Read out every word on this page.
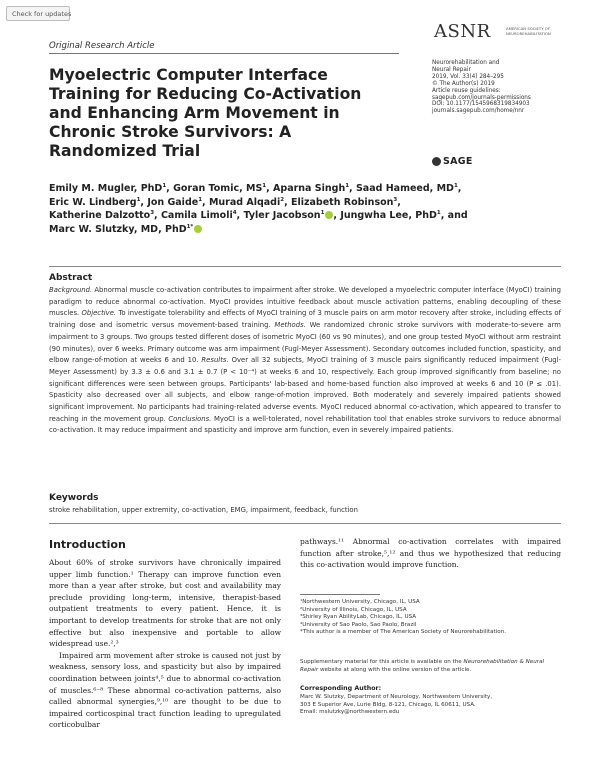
Check for updates
Original Research Article
ASNR	AMERICAN SOCIETY OF NEUROREHABILITATION
Neurorehabilitation and
Neural Repair
2019, Vol. 33(4) 284–295
© The Author(s) 2019
Article reuse guidelines:
sagepub.com/journals-permissions
DOI: 10.1177/1545968319834903
journals.sagepub.com/home/nnr
SAGE
Myoelectric Computer Interface Training for Reducing Co-Activation and Enhancing Arm Movement in Chronic Stroke Survivors: A Randomized Trial
Emily M. Mugler, PhD$^1$, Goran Tomic, $MS^1$, Aparna Singh$^1$, Saad Hameed, $MD^1$,
Eric W. Lindberg$^1$, Jon Gaide$^1$, Murad Alqadi$^2$, Elizabeth Robinson$^3$,
Katherine Dalzotto$^3$, Camila Limoli$^4$, Tyler Jacobson$^1$ , Jungwha Lee, PhD$^1$, and
Marc W. Slutzky, MD, PhD$^{1*}$
Abstract
Background. Abnormal muscle co-activation contributes to impairment after stroke. We developed a myoelectric computer interface (MyoCI) training paradigm to reduce abnormal co-activation. MyoCI provides intuitive feedback about muscle activation patterns, enabling decoupling of these muscles. Objective. To investigate tolerability and effects of MyoCI training of 3 muscle pairs on arm motor recovery after stroke, including effects of training dose and isometric versus movement-based training. Methods. We randomized chronic stroke survivors with moderate-to-severe arm impairment to 3 groups. Two groups tested different doses of isometric MyoCI (60 vs 90 minutes), and one group tested MyoCI without arm restraint (90 minutes), over 6 weeks. Primary outcome was arm impairment (Fugl-Meyer Assessment). Secondary outcomes included function, spasticity, and elbow range-of-motion at weeks 6 and 10. Results. Over all 32 subjects, MyoCI training of 3 muscle pairs significantly reduced impairment (Fugl-Meyer Assessment) by 3.3 ± 0.6 and 3.1 ± 0.7 (P < 10⁻⁴) at weeks 6 and 10, respectively. Each group improved significantly from baseline; no significant differences were seen between groups. Participants' lab-based and home-based function also improved at weeks 6 and 10 (P ≤ .01). Spasticity also decreased over all subjects, and elbow range-of-motion improved. Both moderately and severely impaired patients showed significant improvement. No participants had training-related adverse events. MyoCI reduced abnormal co-activation, which appeared to transfer to reaching in the movement group. Conclusions. MyoCI is a well-tolerated, novel rehabilitation tool that enables stroke survivors to reduce abnormal co-activation. It may reduce impairment and spasticity and improve arm function, even in severely impaired patients.
Keywords
stroke rehabilitation, upper extremity, co-activation, EMG, impairment, feedback, function
Introduction

About 60% of stroke survivors have chronically impaired upper limb function.¹ Therapy can improve function even more than a year after stroke, but cost and availability may preclude providing long-term, intensive, therapist-based outpatient treatments to every patient. Hence, it is important to develop treatments for stroke that are not only effective but also inexpensive and portable to allow widespread use.²,³

Impaired arm movement after stroke is caused not just by weakness, sensory loss, and spasticity but also by impaired coordination between joints⁴,⁵ due to abnormal co-activation of muscles.⁶⁻⁸ These abnormal co-activation patterns, also called abnormal synergies,⁹,¹⁰ are thought to be due to impaired corticospinal tract function leading to upregulated corticobulbar

pathways.¹¹ Abnormal co-activation correlates with impaired function after stroke,⁵,¹² and thus we hypothesized that reducing this co-activation would improve function.
¹Northwestern University, Chicago, IL, USA
²University of Illinois, Chicago, IL, USA
³Shirley Ryan AbilityLab, Chicago, IL, USA
⁴University of Sao Paolo, Sao Paolo, Brazil
*This author is a member of The American Society of Neurorehabilitation.
Supplementary material for this article is available on the Neurorehabilitation & Neural Repair website at along with the online version of the article.
Corresponding Author:
Marc W. Slutzky, Department of Neurology, Northwestern University,
303 E Superior Ave, Lurie Bldg, 8-121, Chicago, IL 60611, USA.
Email: mslutzky@northwestern.edu
